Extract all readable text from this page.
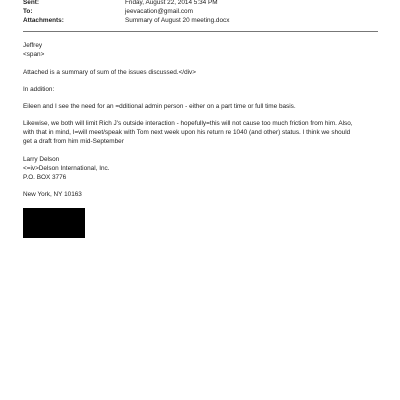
Sent:	Friday, August 22, 2014 5:34 PM
To:	jeevacation@gmail.com
Attachments:	Summary of August 20 meeting.docx
Jeffrey
<span>
Attached is a summary of sum of the issues discussed.</div>
In addition:
Eileen and I see the need for an =dditional admin person - either on a part time or full time basis.
Likewise, we both will limit Rich J's outside interaction - hopefully=this will not cause too much friction from him. Also,
with that in mind, I=will meet/speak with Tom next week upon his return re 1040 (and other) status. I think we should
get a draft from him mid-September
Larry Delson
<=iv>Delson International, Inc.
P.O. BOX 3776
New York, NY 10163
